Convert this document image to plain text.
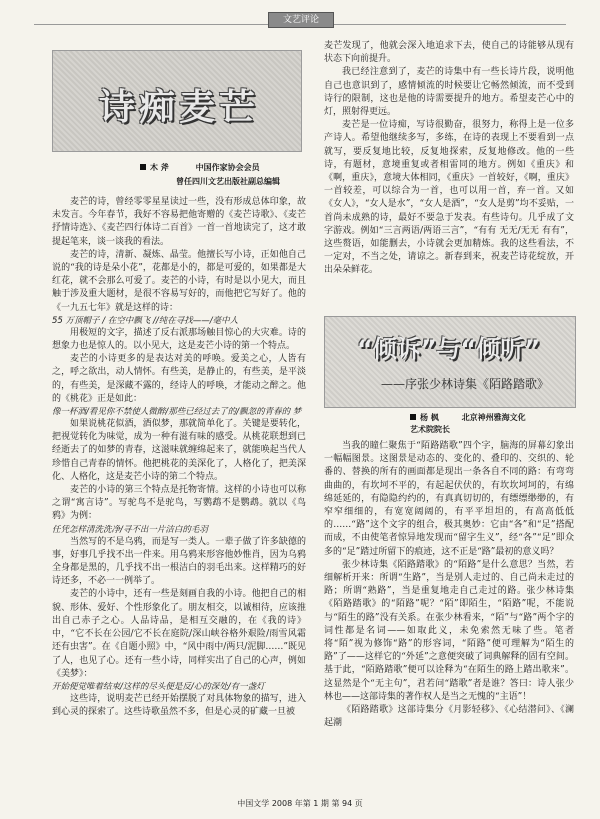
文艺评论
诗痴麦芒
木 斧	中国作家协会会员
曾任四川文艺出版社副总编辑

麦芒的诗，曾经零零星星读过一些，没有形成总体印象，故未发言。今年春节，我好不容易把他寄赠的《麦芒诗歌》、《麦芒抒情诗选》、《麦芒四行体诗二百首》一首一首地读完了，这才敢提起笔来，谈一谈我的看法。

麦芒的诗，清新、凝炼、晶莹。他擅长写小诗，正如他自己说的“我的诗是朵小花”，花都是小的，都是可爱的，如果都是大红花，就不会那么可爱了。麦芒的小诗，有时是以小见大，而且触于涉及重大题材，是很不容易写好的，而他把它写好了。他的《一九五七年》就是这样的诗：

55 万顶帽子 / 在空中飘飞 //纯在寻找——/毫中人

用极短的文字，描述了反右派那场触目惊心的大灾难。诗的想象力也是惊人的。以小见大，这是麦芒小诗的第一个特点。

麦芒的小诗更多的是表达对美的呼唤。爱美之心，人皆有之，呼之欲出，动人情怀。有些美，是静止的，有些美，是平淡的，有些美，是深藏不露的，经诗人的呼唤，才能动之醉之。他的《桃花》正是如此：

像一杯酒/看见你不禁使人微醉/那些已经过去了的/飘忽的青春的 梦

如果说桃花似酒，酒似梦，那就简单化了。关键是要转化，把视觉转化为味觉，成为一种有滋有味的感受。从桃花联想到已经逝去了的如梦的青春，这滋味就缠绵起来了，就能唤起当代人珍惜自己青春的情怀。他把桃花的美深化了，人格化了，把美深化、人格化，这是麦芒小诗的第二个特点。

麦芒的小诗的第三个特点是托物寄情。这样的小诗也可以称之谓“寓言诗”。写驼鸟不是驼鸟，写鹦鹉不是鹦鹉。就以《鸟鸦》为例：

任凭怎样清洗洗净/寻不出一片洁白的毛羽

当然写的不是乌鸦，而是写一类人。一辈子做了许多缺德的事，好事几乎找不出一件来。用乌鸦来形容他妙惟肖，因为乌鸦全身都是黑的，几乎找不出一根洁白的羽毛出来。这样精巧的好诗还多，不必一一例举了。

麦芒的小诗中，还有一些是刻画自我的小诗。他把自己的相貌、形体、爱好、个性形象化了。朋友相交，以诚相待，应该推出自己赤子之心。人品诗品，是相互交融的，在《我的诗》中，“它不长在公园/它不长在庭院/深山峡谷格外艰险/雨雪风霜还有虫害”。在《自题小照》中，“风中雨中/两只/泥脚……”既见了人，也见了心。还有一些小诗，同样实出了自己的心声，例如《美梦》：

开始便觉唯着结束/这样的尽头便是反/心的深处/有一盏灯

这些诗，说明麦芒已经开始摆脱了对具体物象的描写，进入到心灵的探索了。这些诗歌虽然不多，但是心灵的矿藏一旦被

麦芒发现了，他就会深入地追求下去，使自己的诗能够从现有状态下向前提升。

我已经注意到了，麦芒的诗集中有一些长诗片段，说明他自己也意识到了，感情倾流的时候要让它畅然倾流，而不受到诗行的限制，这也是他的诗需要提升的地方。希望麦芒心中的灯，照射得更远。

麦芒是一位诗痴，写诗很勤奋，很努力，称得上是一位多产诗人。希望他继续多写，多练，在诗的表现上不要看到一点就写，要反复地比较，反复地探索，反复地修改。他的一些诗，有题材，意境重复或者相雷同的地方。例如《重庆》和《啊，重庆》，意境大体相同，《重庆》一首较好，《啊，重庆》一首较差，可以综合为一首，也可以用一首，弃一首。又如《女人》，“女人是水”，“女人是酒”，“女人是剪”均不妥贴，一首尚未成熟的诗，最好不要急于发表。有些诗句。几乎成了文字游戏。例如“三言两语/两语三言”，“有有 无无/无无 有有”，这些赘语，如能删去，小诗就会更加精炼。我的这些看法，不一定对，不当之处，请谅之。新春到来，祝麦芒诗花绽放，开出朵朵鲜花。

“倾诉”与“倾听”
——序张少林诗集《陌路踏歌》
杨 枫	北京神州雅海文化
艺术院院长

当我的瞳仁聚焦于“陌路踏歌”四个字，脑海的屏幕幻象出一幅幅图景。这图景是动态的、变化的、叠印的、交织的、轮番的、替换的所有的画面都是现出一条各自不同的路：有弯弯曲曲的，有坎坷不平的，有起起伏伏的，有坎坎坷坷的，有绵绵延延的，有隐隐约约的，有真真切切的，有缥缥缈缈的，有窄窄细细的，有宽宽阔阔的，有平平坦坦的，有高高低低的……“路”这个文字的组合，极其奥妙：它由“各”和“足”搭配而成，不由使笔者惊异地发现而“留字生义”，经“各”“足”即众多的“足”踏过所留下的痕迹，这不正是“路”最初的意义吗？

张少林诗集《陌路踏歌》的“陌路”是什么意思？当然，若细解析开来：所谓“生路”，当是别人走过的、自己尚未走过的路；所谓“熟路”，当是重复地走自己走过的路。张少林诗集《陌路踏歌》的“陌路”呢？“陌”即陌生，“陌路”呢，不能说与“陌生的路”没有关系。在张少林看来，“陌”与“路”两个字的词性都是名词——如取此义，未免索然无味了些。笔者将“陌”视为修饰“路”的形容词，“陌路”便可理解为“陌生的路”了——这样它的“外延”之意便突破了词典解释的固有空间。基于此，“陌路踏歌”便可以诠释为“在陌生的路上踏出歌来”。这显然是个“无主句”，君若问“踏歌”者是谁？答曰：诗人张少林也——这部诗集的著作权人是当之无愧的“主语”！

《陌路踏歌》这部诗集分《月影轻移》、《心结潜问》、《澜起潮

中国文学 2008 年第 1 期 第 94 页
